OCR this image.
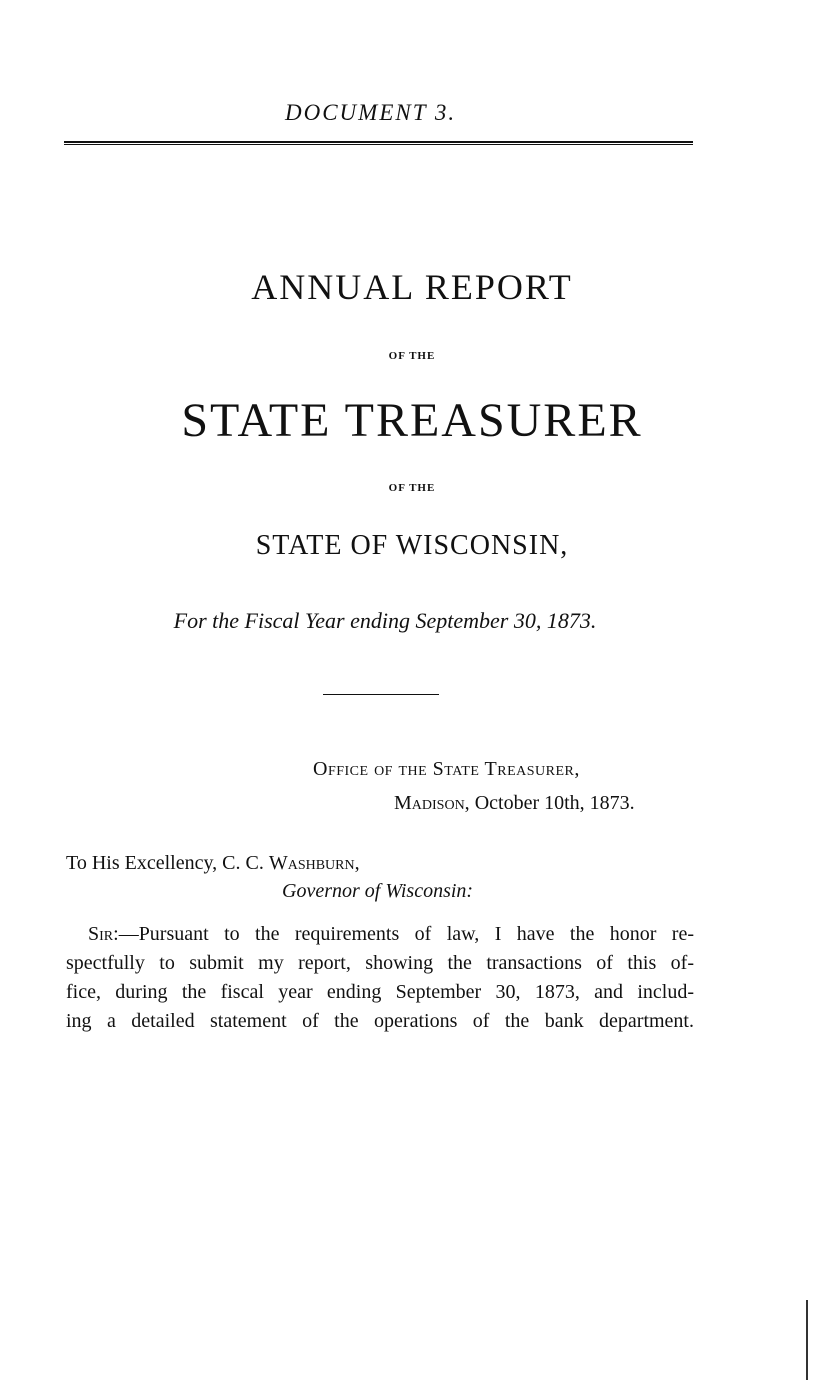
DOCUMENT 3.
ANNUAL REPORT
OF THE
STATE TREASURER
OF THE
STATE OF WISCONSIN,
For the Fiscal Year ending September 30, 1873.
Office of the State Treasurer,
Madison, October 10th, 1873.
To His Excellency, C. C. Washburn,
Governor of Wisconsin:
Sir:—Pursuant to the requirements of law, I have the honor re-
spectfully to submit my report, showing the transactions of this of-
fice, during the fiscal year ending September 30, 1873, and includ-
ing a detailed statement of the operations of the bank department.
